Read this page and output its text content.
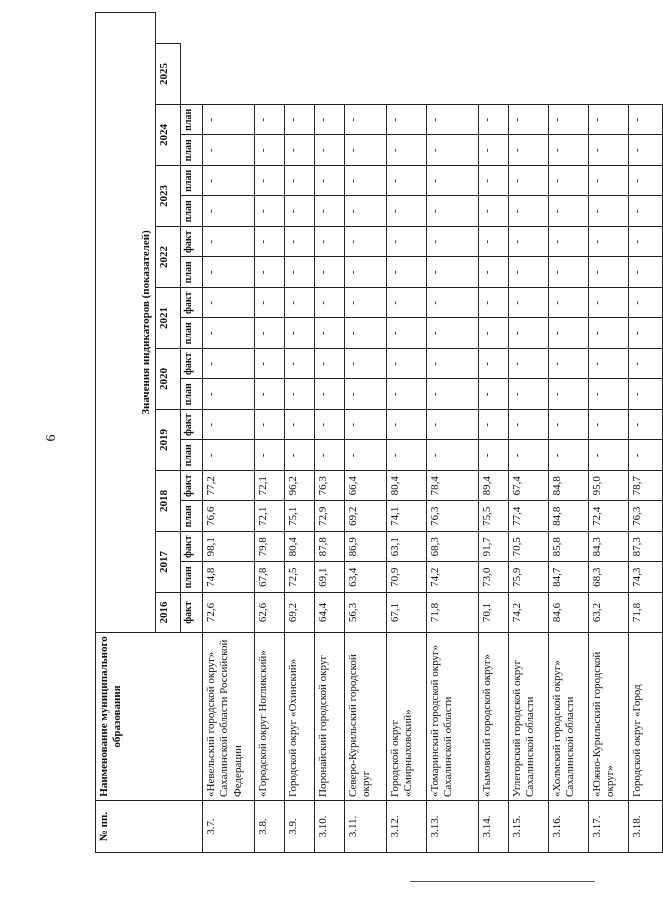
6
№ пп.	Наименование муниципального образования	Значения индикаторов (показателей)																	
		2016	2017		2018		2019		2020		2021		2022		2023		2024		2025
		факт	план	факт	план	факт	план	факт	план	факт	план	факт	план	факт	план	план	план	план	
3.7.	«Невельский городской округ» Сахалинской области Российской Федерации	72,6	74,8	98,1	76,6	77,2	-	-	-	-	-	-	-	-	-	-	-	-	
3.8.	«Городской округ Ногликский»	62,6	67,8	79,8	72,1	72,1	-	-	-	-	-	-	-	-	-	-	-	-	
3.9.	Городской округ «Охинский»	69,2	72,5	80,4	75,1	96,2	-	-	-	-	-	-	-	-	-	-	-	-	
3.10.	Поронайский городской округ	64,4	69,1	87,8	72,9	76,3	-	-	-	-	-	-	-	-	-	-	-	-	
3.11.	Северо-Курильский городской округ	56,3	63,4	86,9	69,2	66,4	-	-	-	-	-	-	-	-	-	-	-	-	
3.12.	Городской округ «Смирныховский»	67,1	70,9	63,1	74,1	80,4	-	-	-	-	-	-	-	-	-	-	-	-	
3.13.	«Томаринский городской округ» Сахалинской области	71,8	74,2	68,3	76,3	78,4	-	-	-	-	-	-	-	-	-	-	-	-	
3.14.	«Тымовский городской округ»	70,1	73,0	91,7	75,5	89,4	-	-	-	-	-	-	-	-	-	-	-	-	
3.15.	Углегорский городской округ Сахалинской области	74,2	75,9	70,5	77,4	67,4	-	-	-	-	-	-	-	-	-	-	-	-	
3.16.	«Холмский городской округ» Сахалинской области	84,6	84,7	85,8	84,8	84,8	-	-	-	-	-	-	-	-	-	-	-	-	
3.17.	«Южно-Курильский городской округ»	63,2	68,3	84,3	72,4	95,0	-	-	-	-	-	-	-	-	-	-	-	-	
3.18.	Городской округ «Город	71,8	74,3	87,3	76,3	78,7	-	-	-	-	-	-	-	-	-	-	-	-	
